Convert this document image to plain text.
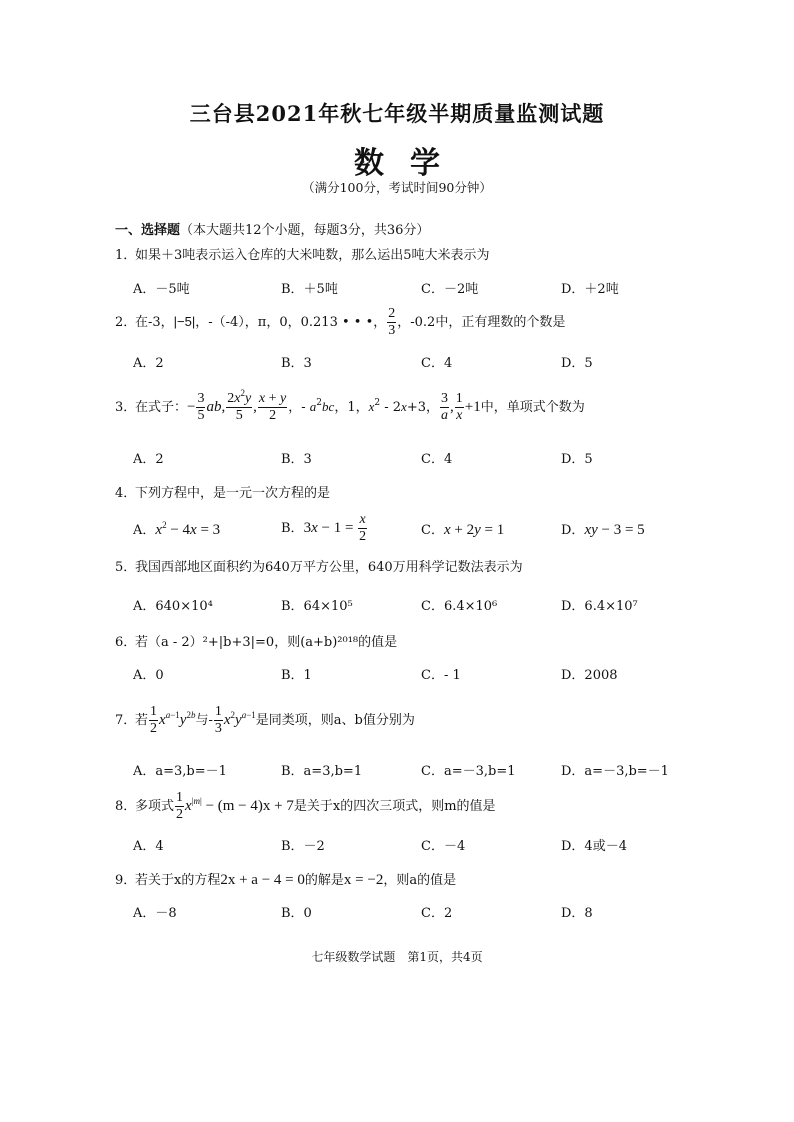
三台县2021年秋七年级半期质量监测试题
数学
（满分100分，考试时间90分钟）
一、选择题（本大题共12个小题，每题3分，共36分）
1．如果＋3吨表示运入仓库的大米吨数，那么运出5吨大米表示为
A．－5吨	B．＋5吨	C．－2吨	D．＋2吨
2．在-3，|−5|，-（-4），π，0，0.213 • • •， $\frac{2}{3}$ ，-0.2中，正有理数的个数是
A．2	B．3	C．4	D．5
3．在式子：− $\frac{3}{5}$ ab, $\frac{2x^2y}{5}$ , $\frac{x + y}{2}$ ，- $a^2bc$，1，$x^2 - 2x+3$， $\frac{3}{a}$ , $\frac{1}{x} +1$中，单项式个数为
A．2	B．3	C．4	D．5
4．下列方程中，是一元一次方程的是
A．$x^2 - 4x = 3$	B．$3x - 1 = \frac{x}{2}$	C．x + 2y = 1	D．xy − 3 = 5
5．我国西部地区面积约为640万平方公里，640万用科学记数法表示为
A．640×10⁴	B．64×10⁵	C．6.4×10⁶	D．6.4×10⁷
6．若（a - 2）²+|b+3|=0，则(a+b)²⁰¹⁸的值是
A．0	B．1	C．- 1	D．2008
7．若 $\frac{1}{2} x^{a-1}y^{2b}$与- $\frac{1}{3} x^2y^{a-1}$是同类项，则a、b值分别为
A．a=3,b=－1	B．a=3,b=1	C．a=－3,b=1	D．a=－3,b=－1
8．多项式 $\frac{1}{2} x^{|m|} - (m - 4)x + 7$是关于x的四次三项式，则m的值是
A．4	B．－2	C．－4	D．4或－4
9．若关于x的方程2x + a − 4 = 0的解是x = −2，则a的值是
A．－8	B．0	C．2	D．8
七年级数学试题　第1页，共4页
